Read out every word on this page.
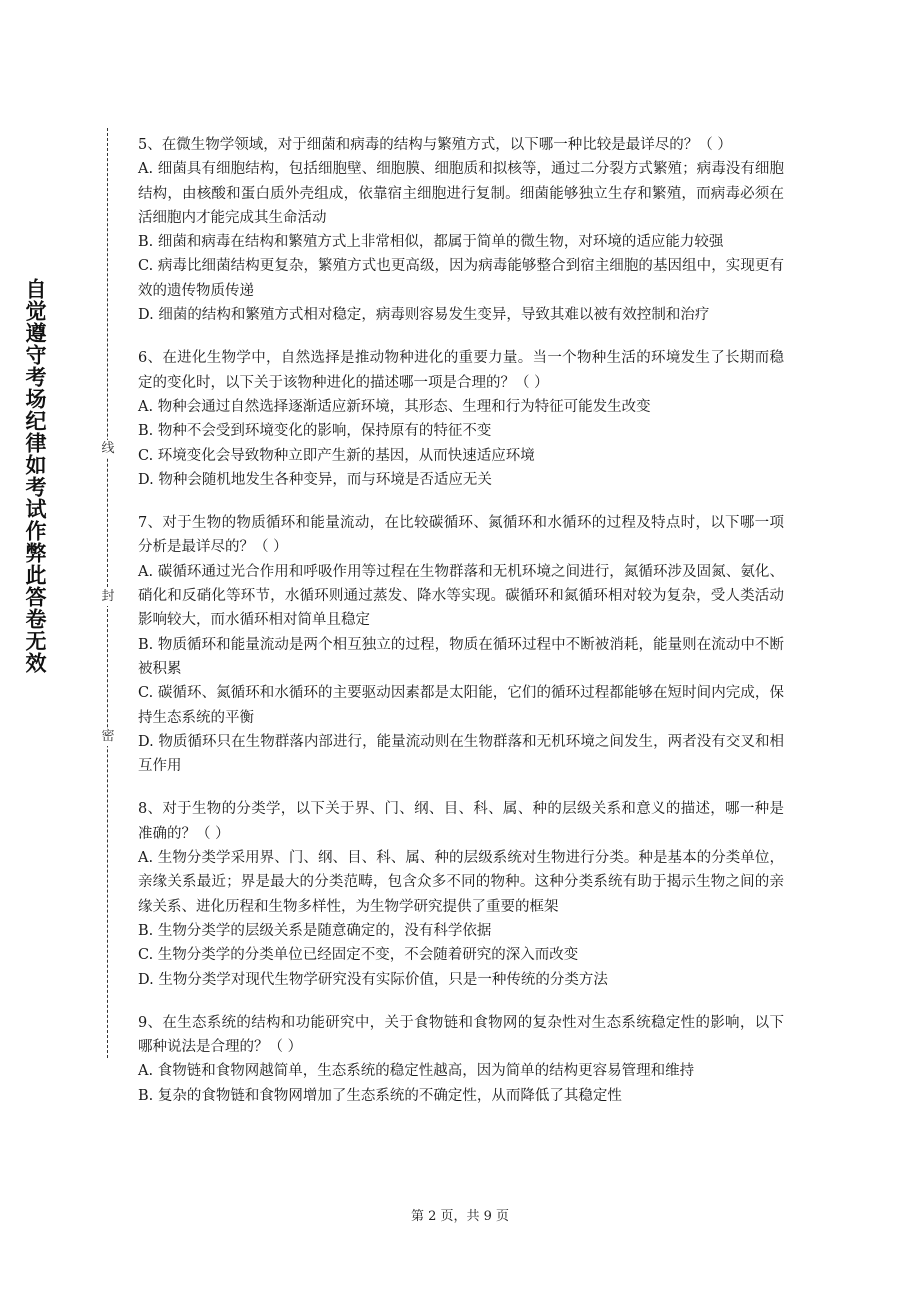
自觉遵守考场纪律如考试作弊此答卷无效	线
封
密

5、在微生物学领域，对于细菌和病毒的结构与繁殖方式，以下哪一种比较是最详尽的？（ ）

A. 细菌具有细胞结构，包括细胞壁、细胞膜、细胞质和拟核等，通过二分裂方式繁殖；病毒没有细胞结构，由核酸和蛋白质外壳组成，依靠宿主细胞进行复制。细菌能够独立生存和繁殖，而病毒必须在活细胞内才能完成其生命活动

B. 细菌和病毒在结构和繁殖方式上非常相似，都属于简单的微生物，对环境的适应能力较强

C. 病毒比细菌结构更复杂，繁殖方式也更高级，因为病毒能够整合到宿主细胞的基因组中，实现更有效的遗传物质传递

D. 细菌的结构和繁殖方式相对稳定，病毒则容易发生变异，导致其难以被有效控制和治疗

6、在进化生物学中，自然选择是推动物种进化的重要力量。当一个物种生活的环境发生了长期而稳定的变化时，以下关于该物种进化的描述哪一项是合理的？（ ）

A. 物种会通过自然选择逐渐适应新环境，其形态、生理和行为特征可能发生改变

B. 物种不会受到环境变化的影响，保持原有的特征不变

C. 环境变化会导致物种立即产生新的基因，从而快速适应环境

D. 物种会随机地发生各种变异，而与环境是否适应无关

7、对于生物的物质循环和能量流动，在比较碳循环、氮循环和水循环的过程及特点时，以下哪一项分析是最详尽的？（ ）

A. 碳循环通过光合作用和呼吸作用等过程在生物群落和无机环境之间进行，氮循环涉及固氮、氨化、硝化和反硝化等环节，水循环则通过蒸发、降水等实现。碳循环和氮循环相对较为复杂，受人类活动影响较大，而水循环相对简单且稳定

B. 物质循环和能量流动是两个相互独立的过程，物质在循环过程中不断被消耗，能量则在流动中不断被积累

C. 碳循环、氮循环和水循环的主要驱动因素都是太阳能，它们的循环过程都能够在短时间内完成，保持生态系统的平衡

D. 物质循环只在生物群落内部进行，能量流动则在生物群落和无机环境之间发生，两者没有交叉和相互作用

8、对于生物的分类学，以下关于界、门、纲、目、科、属、种的层级关系和意义的描述，哪一种是准确的？（ ）

A. 生物分类学采用界、门、纲、目、科、属、种的层级系统对生物进行分类。种是基本的分类单位，亲缘关系最近；界是最大的分类范畴，包含众多不同的物种。这种分类系统有助于揭示生物之间的亲缘关系、进化历程和生物多样性，为生物学研究提供了重要的框架

B. 生物分类学的层级关系是随意确定的，没有科学依据

C. 生物分类学的分类单位已经固定不变，不会随着研究的深入而改变

D. 生物分类学对现代生物学研究没有实际价值，只是一种传统的分类方法

9、在生态系统的结构和功能研究中，关于食物链和食物网的复杂性对生态系统稳定性的影响，以下哪种说法是合理的？（ ）

A. 食物链和食物网越简单，生态系统的稳定性越高，因为简单的结构更容易管理和维持

B. 复杂的食物链和食物网增加了生态系统的不确定性，从而降低了其稳定性

第 2 页，共 9 页
